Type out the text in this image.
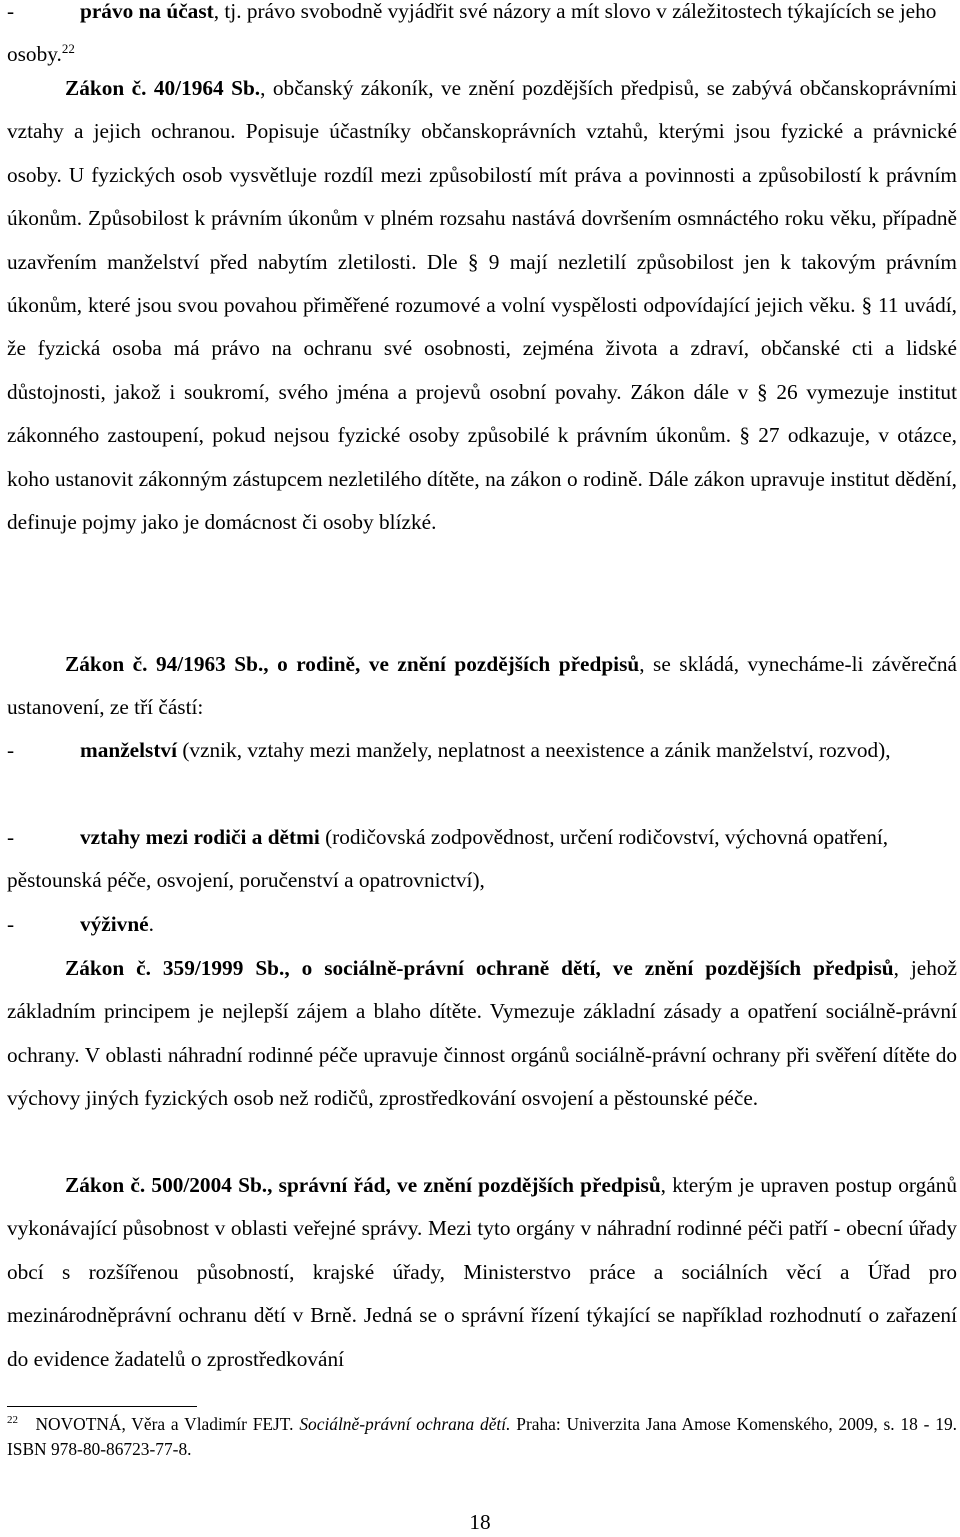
-	právo na účast, tj. právo svobodně vyjádřit své názory a mít slovo v záležitostech týkajících se jeho osoby.$^{22}$

Zákon č. 40/1964 Sb., občanský zákoník, ve znění pozdějších předpisů, se zabývá občanskoprávními vztahy a jejich ochranou. Popisuje účastníky občanskoprávních vztahů, kterými jsou fyzické a právnické osoby. U fyzických osob vysvětluje rozdíl mezi způsobilostí mít práva a povinnosti a způsobilostí k právním úkonům. Způsobilost k právním úkonům v plném rozsahu nastává dovršením osmnáctého roku věku, případně uzavřením manželství před nabytím zletilosti. Dle § 9 mají nezletilí způsobilost jen k takovým právním úkonům, které jsou svou povahou přiměřené rozumové a volní vyspělosti odpovídající jejich věku. § 11 uvádí, že fyzická osoba má právo na ochranu své osobnosti, zejména života a zdraví, občanské cti a lidské důstojnosti, jakož i soukromí, svého jména a projevů osobní povahy. Zákon dále v § 26 vymezuje institut zákonného zastoupení, pokud nejsou fyzické osoby způsobilé k právním úkonům. § 27 odkazuje, v otázce, koho ustanovit zákonným zástupcem nezletilého dítěte, na zákon o rodině. Dále zákon upravuje institut dědění, definuje pojmy jako je domácnost či osoby blízké.

Zákon č. 94/1963 Sb., o rodině, ve znění pozdějších předpisů, se skládá, vynecháme-li závěrečná ustanovení, ze tří částí:

-	manželství (vznik, vztahy mezi manžely, neplatnost a neexistence a zánik manželství, rozvod),

-	vztahy mezi rodiči a dětmi (rodičovská zodpovědnost, určení rodičovství, výchovná opatření, pěstounská péče, osvojení, poručenství a opatrovnictví),

-	výživné.

Zákon č. 359/1999 Sb., o sociálně-právní ochraně dětí, ve znění pozdějších předpisů, jehož základním principem je nejlepší zájem a blaho dítěte. Vymezuje základní zásady a opatření sociálně-právní ochrany. V oblasti náhradní rodinné péče upravuje činnost orgánů sociálně-právní ochrany při svěření dítěte do výchovy jiných fyzických osob než rodičů, zprostředkování osvojení a pěstounské péče.

Zákon č. 500/2004 Sb., správní řád, ve znění pozdějších předpisů, kterým je upraven postup orgánů vykonávající působnost v oblasti veřejné správy. Mezi tyto orgány v náhradní rodinné péči patří - obecní úřady obcí s rozšířenou působností, krajské úřady, Ministerstvo práce a sociálních věcí a Úřad pro mezinárodněprávní ochranu dětí v Brně. Jedná se o správní řízení týkající se například rozhodnutí o zařazení do evidence žadatelů o zprostředkování

$^{22}$ NOVOTNÁ, Věra a Vladimír FEJT. Sociálně-právní ochrana dětí. Praha: Univerzita Jana Amose Komenského, 2009, s. 18 - 19. ISBN 978-80-86723-77-8.
18
